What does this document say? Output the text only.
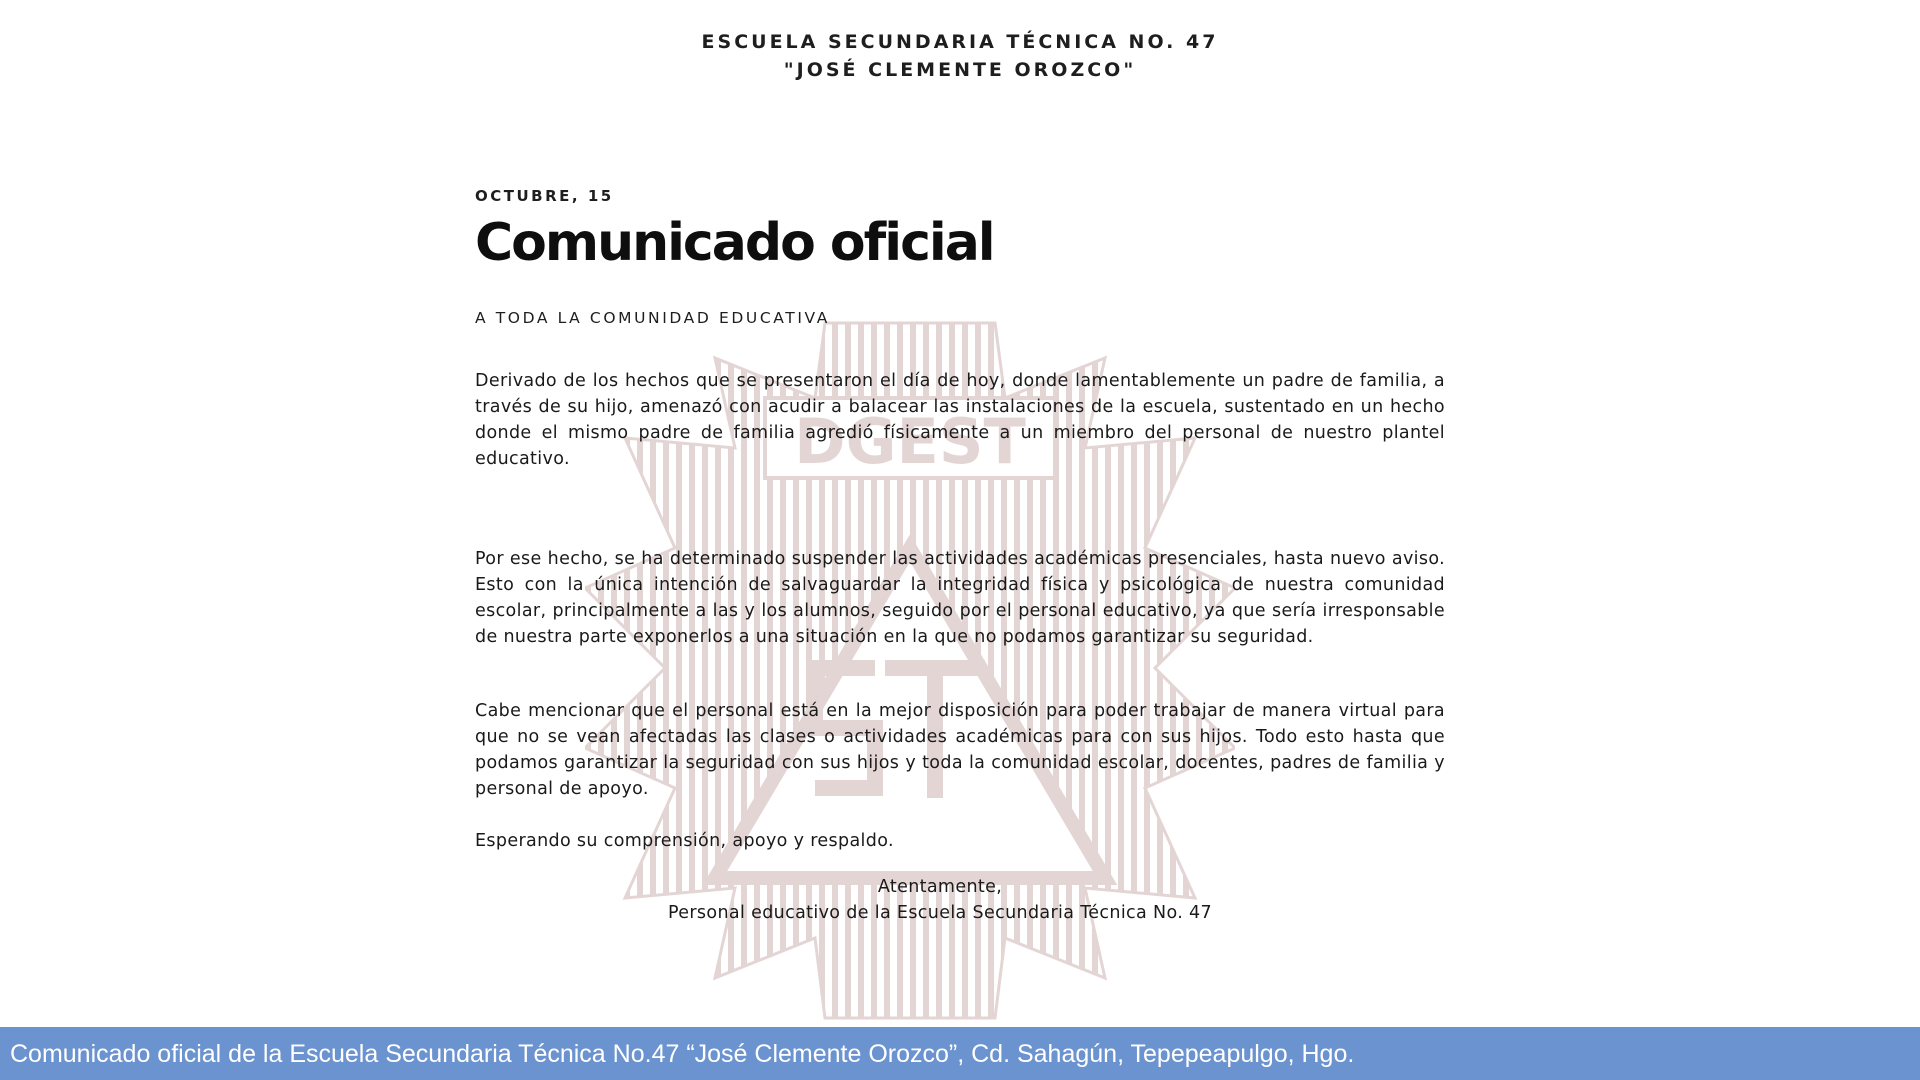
DGEST
ESCUELA SECUNDARIA TÉCNICA NO. 47
"JOSÉ CLEMENTE OROZCO"
OCTUBRE, 15
Comunicado oficial
A TODA LA COMUNIDAD EDUCATIVA

Derivado de los hechos que se presentaron el día de hoy, donde lamentablemente un padre de familia, a través de su hijo, amenazó con acudir a balacear las instalaciones de la escuela, sustentado en un hecho donde el mismo padre de familia agredió físicamente a un miembro del personal de nuestro plantel educativo.

Por ese hecho, se ha determinado suspender las actividades académicas presenciales, hasta nuevo aviso. Esto con la única intención de salvaguardar la integridad física y psicológica de nuestra comunidad escolar, principalmente a las y los alumnos, seguido por el personal educativo, ya que sería irresponsable de nuestra parte exponerlos a una situación en la que no podamos garantizar su seguridad.

Cabe mencionar que el personal está en la mejor disposición para poder trabajar de manera virtual para que no se vean afectadas las clases o actividades académicas para con sus hijos. Todo esto hasta que podamos garantizar la seguridad con sus hijos y toda la comunidad escolar, docentes, padres de familia y personal de apoyo.

Esperando su comprensión, apoyo y respaldo.

Atentamente,
Personal educativo de la Escuela Secundaria Técnica No. 47
Comunicado oficial de la Escuela Secundaria Técnica No.47 “José Clemente Orozco”, Cd. Sahagún, Tepepeapulgo, Hgo.
